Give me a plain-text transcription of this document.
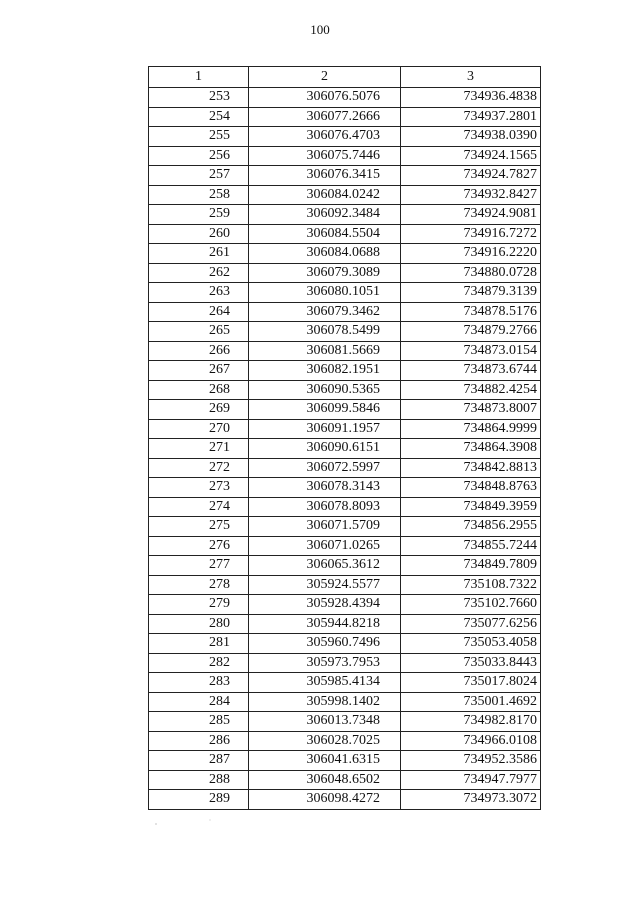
100
1	2	3
253	306076.5076	734936.4838
254	306077.2666	734937.2801
255	306076.4703	734938.0390
256	306075.7446	734924.1565
257	306076.3415	734924.7827
258	306084.0242	734932.8427
259	306092.3484	734924.9081
260	306084.5504	734916.7272
261	306084.0688	734916.2220
262	306079.3089	734880.0728
263	306080.1051	734879.3139
264	306079.3462	734878.5176
265	306078.5499	734879.2766
266	306081.5669	734873.0154
267	306082.1951	734873.6744
268	306090.5365	734882.4254
269	306099.5846	734873.8007
270	306091.1957	734864.9999
271	306090.6151	734864.3908
272	306072.5997	734842.8813
273	306078.3143	734848.8763
274	306078.8093	734849.3959
275	306071.5709	734856.2955
276	306071.0265	734855.7244
277	306065.3612	734849.7809
278	305924.5577	735108.7322
279	305928.4394	735102.7660
280	305944.8218	735077.6256
281	305960.7496	735053.4058
282	305973.7953	735033.8443
283	305985.4134	735017.8024
284	305998.1402	735001.4692
285	306013.7348	734982.8170
286	306028.7025	734966.0108
287	306041.6315	734952.3586
288	306048.6502	734947.7977
289	306098.4272	734973.3072
